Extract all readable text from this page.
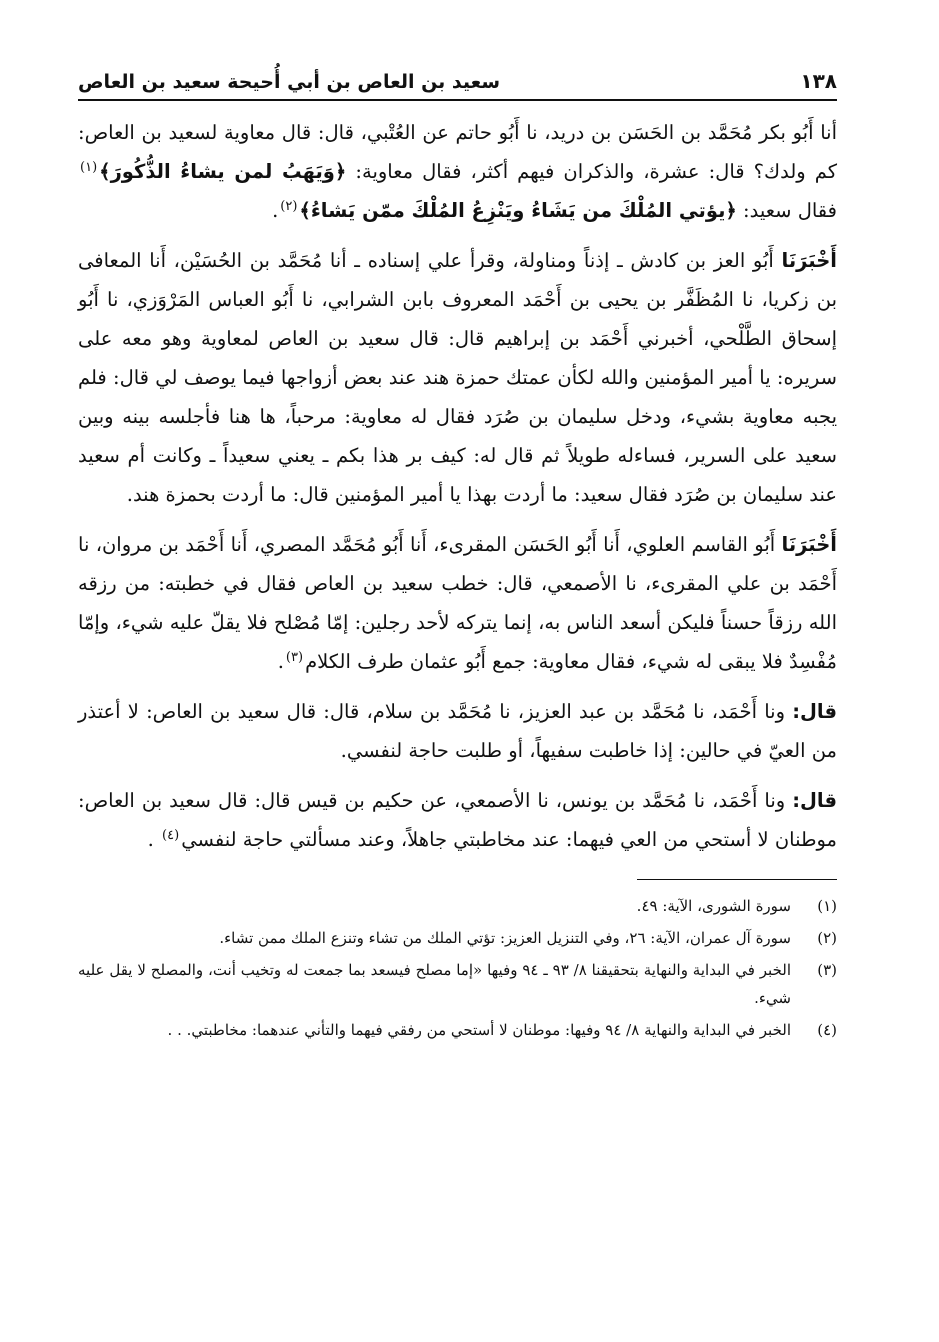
١٣٨
سعيد بن العاص بن أبي أُحيحة سعيد بن العاص

أنا أَبُو بكر مُحَمَّد بن الحَسَن بن دريد، نا أَبُو حاتم عن العُتْبي، قال: قال معاوية لسعيد بن العاص: كم ولدك؟ قال: عشرة، والذكران فيهم أكثر، فقال معاوية: ﴿وَيَهَبُ لمن يشاءُ الذُّكُورَ﴾$^{(١)}$ فقال سعيد: ﴿يؤتي المُلْكَ من يَشَاءُ ويَنْزِعُ المُلْكَ ممّن يَشاءُ﴾$^{(٢)}$.

أَخْبَرَنَا أَبُو العز بن كادش ـ إذناً ومناولة، وقرأ علي إسناده ـ أنا مُحَمَّد بن الحُسَيْن، أَنا المعافى بن زكريا، نا المُظَفَّر بن يحيى بن أَحْمَد المعروف بابن الشرابي، نا أَبُو العباس المَرْوَزي، نا أَبُو إسحاق الطَّلْحي، أخبرني أَحْمَد بن إبراهيم قال: قال سعيد بن العاص لمعاوية وهو معه على سريره: يا أمير المؤمنين والله لكأن عمتك حمزة هند عند بعض أزواجها فيما يوصف لي قال: فلم يجبه معاوية بشيء، ودخل سليمان بن صُرَد فقال له معاوية: مرحباً، ها هنا فأجلسه بينه وبين سعيد على السرير، فساءله طويلاً ثم قال له: كيف بر هذا بكم ـ يعني سعيداً ـ وكانت أم سعيد عند سليمان بن صُرَد فقال سعيد: ما أردت بهذا يا أمير المؤمنين قال: ما أردت بحمزة هند.

أَخْبَرَنَا أَبُو القاسم العلوي، أَنا أَبُو الحَسَن المقرىء، أَنا أَبُو مُحَمَّد المصري، أَنا أَحْمَد بن مروان، نا أَحْمَد بن علي المقرىء، نا الأصمعي، قال: خطب سعيد بن العاص فقال في خطبته: من رزقه الله رزقاً حسناً فليكن أسعد الناس به، إنما يتركه لأحد رجلين: إمّا مُصْلح فلا يقلّ عليه شيء، وإمّا مُفْسِدٌ فلا يبقى له شيء، فقال معاوية: جمع أَبُو عثمان طرف الكلام$^{(٣)}$.

قال: ونا أَحْمَد، نا مُحَمَّد بن عبد العزيز، نا مُحَمَّد بن سلام، قال: قال سعيد بن العاص: لا أعتذر من العيّ في حالين: إذا خاطبت سفيهاً، أو طلبت حاجة لنفسي.

قال: ونا أَحْمَد، نا مُحَمَّد بن يونس، نا الأصمعي، عن حكيم بن قيس قال: قال سعيد بن العاص: موطنان لا أستحي من العي فيهما: عند مخاطبتي جاهلاً، وعند مسألتي حاجة لنفسي$^{(٤)}$ .

(١)
سورة الشورى، الآية: ٤٩.
(٢)
سورة آل عمران، الآية: ٢٦، وفي التنزيل العزيز: تؤتي الملك من تشاء وتنزع الملك ممن تشاء.
(٣)
الخبر في البداية والنهاية بتحقيقنا ٨/ ٩٣ ـ ٩٤ وفيها «إما مصلح فيسعد بما جمعت له وتخيب أنت، والمصلح لا يقل عليه شيء.
(٤)
الخبر في البداية والنهاية ٨/ ٩٤ وفيها: موطنان لا أستحي من رفقي فيهما والتأني عندهما: مخاطبتي. . .
